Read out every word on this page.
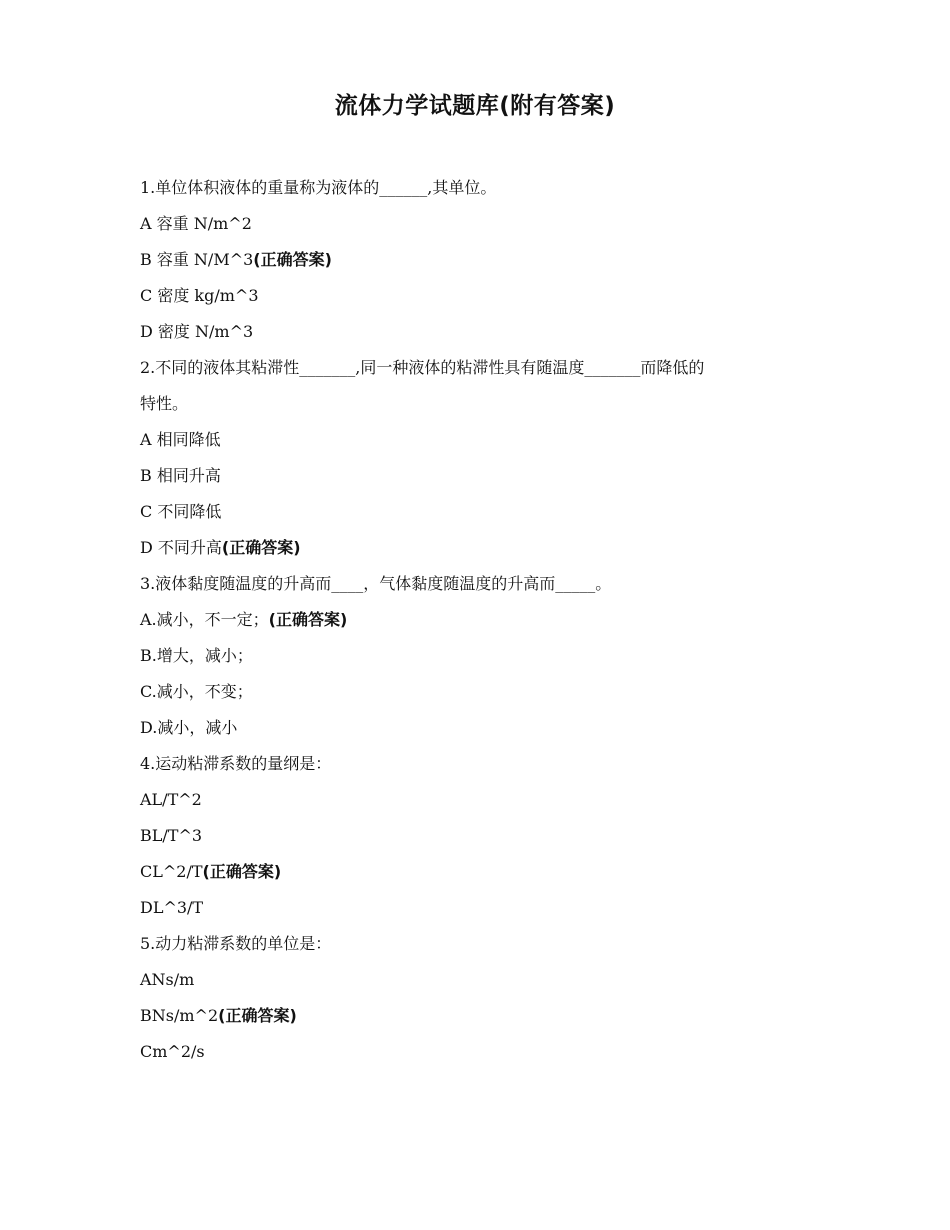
流体力学试题库(附有答案)

1.单位体积液体的重量称为液体的______,其单位。

A 容重 N/m^2

B 容重 N/M^3(正确答案)

C 密度 kg/m^3

D 密度 N/m^3

2.不同的液体其粘滞性_______,同一种液体的粘滞性具有随温度_______而降低的

特性。

A 相同降低

B 相同升高

C 不同降低

D 不同升高(正确答案)

3.液体黏度随温度的升高而____，气体黏度随温度的升高而_____。

A.减小，不一定；(正确答案)

B.增大，减小；

C.减小，不变；

D.减小，减小

4.运动粘滞系数的量纲是：

AL/T^2

BL/T^3

CL^2/T(正确答案)

DL^3/T

5.动力粘滞系数的单位是：

ANs/m

BNs/m^2(正确答案)

Cm^2/s
